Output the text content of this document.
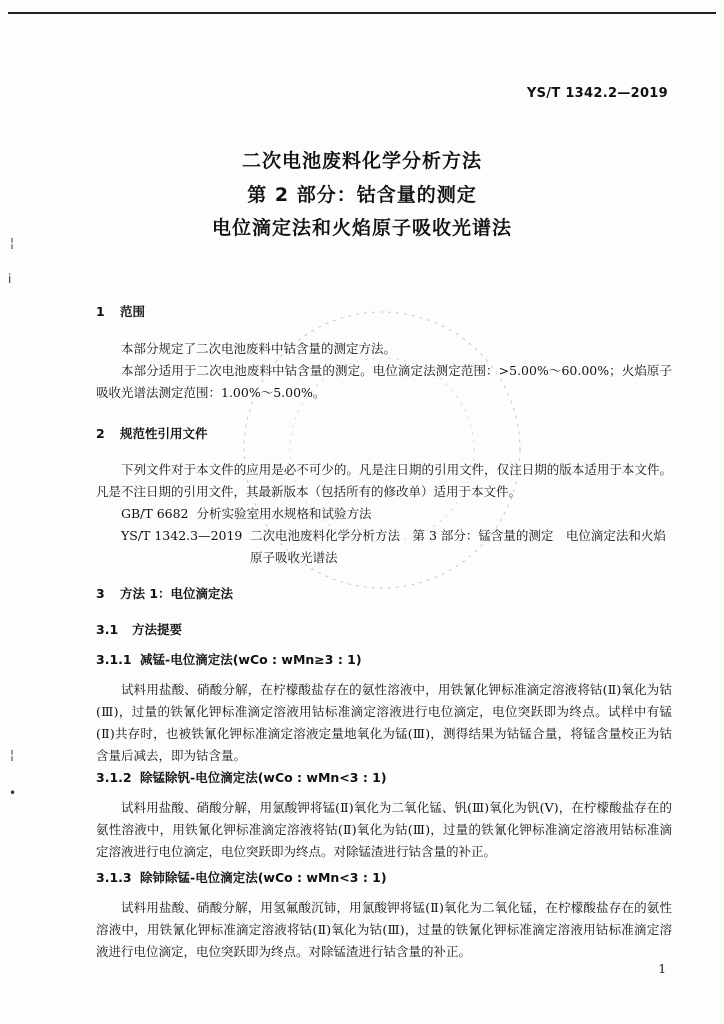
YS/T 1342.2—2019
二次电池废料化学分析方法
第 2 部分：钴含量的测定
电位滴定法和火焰原子吸收光谱法
¦
ⅰ
¦
•
1 范围

本部分规定了二次电池废料中钴含量的测定方法。

本部分适用于二次电池废料中钴含量的测定。电位滴定法测定范围：>5.00%～60.00%；火焰原子吸收光谱法测定范围：1.00%～5.00%。

2 规范性引用文件

下列文件对于本文件的应用是必不可少的。凡是注日期的引用文件，仅注日期的版本适用于本文件。凡是不注日期的引用文件，其最新版本（包括所有的修改单）适用于本文件。

GB/T 6682 分析实验室用水规格和试验方法
YS/T 1342.3—2019 二次电池废料化学分析方法　第 3 部分：锰含量的测定　电位滴定法和火焰
原子吸收光谱法
3 方法 1：电位滴定法
3.1 方法提要
3.1.1 减锰-电位滴定法(wCo : wMn≥3 : 1)

试料用盐酸、硝酸分解，在柠檬酸盐存在的氨性溶液中，用铁氰化钾标准滴定溶液将钴(Ⅱ)氧化为钴(Ⅲ)，过量的铁氰化钾标准滴定溶液用钴标准滴定溶液进行电位滴定，电位突跃即为终点。试样中有锰(Ⅱ)共存时，也被铁氰化钾标准滴定溶液定量地氧化为锰(Ⅲ)，测得结果为钴锰合量，将锰含量校正为钴含量后减去，即为钴含量。

3.1.2 除锰除钒-电位滴定法(wCo : wMn<3 : 1)

试料用盐酸、硝酸分解，用氯酸钾将锰(Ⅱ)氧化为二氧化锰、钒(Ⅲ)氧化为钒(Ⅴ)，在柠檬酸盐存在的氨性溶液中，用铁氰化钾标准滴定溶液将钴(Ⅱ)氧化为钴(Ⅲ)，过量的铁氰化钾标准滴定溶液用钴标准滴定溶液进行电位滴定，电位突跃即为终点。对除锰渣进行钴含量的补正。

3.1.3 除铈除锰-电位滴定法(wCo : wMn<3 : 1)

试料用盐酸、硝酸分解，用氢氟酸沉铈，用氯酸钾将锰(Ⅱ)氧化为二氧化锰，在柠檬酸盐存在的氨性溶液中，用铁氰化钾标准滴定溶液将钴(Ⅱ)氧化为钴(Ⅲ)，过量的铁氰化钾标准滴定溶液用钴标准滴定溶液进行电位滴定，电位突跃即为终点。对除锰渣进行钴含量的补正。

1
